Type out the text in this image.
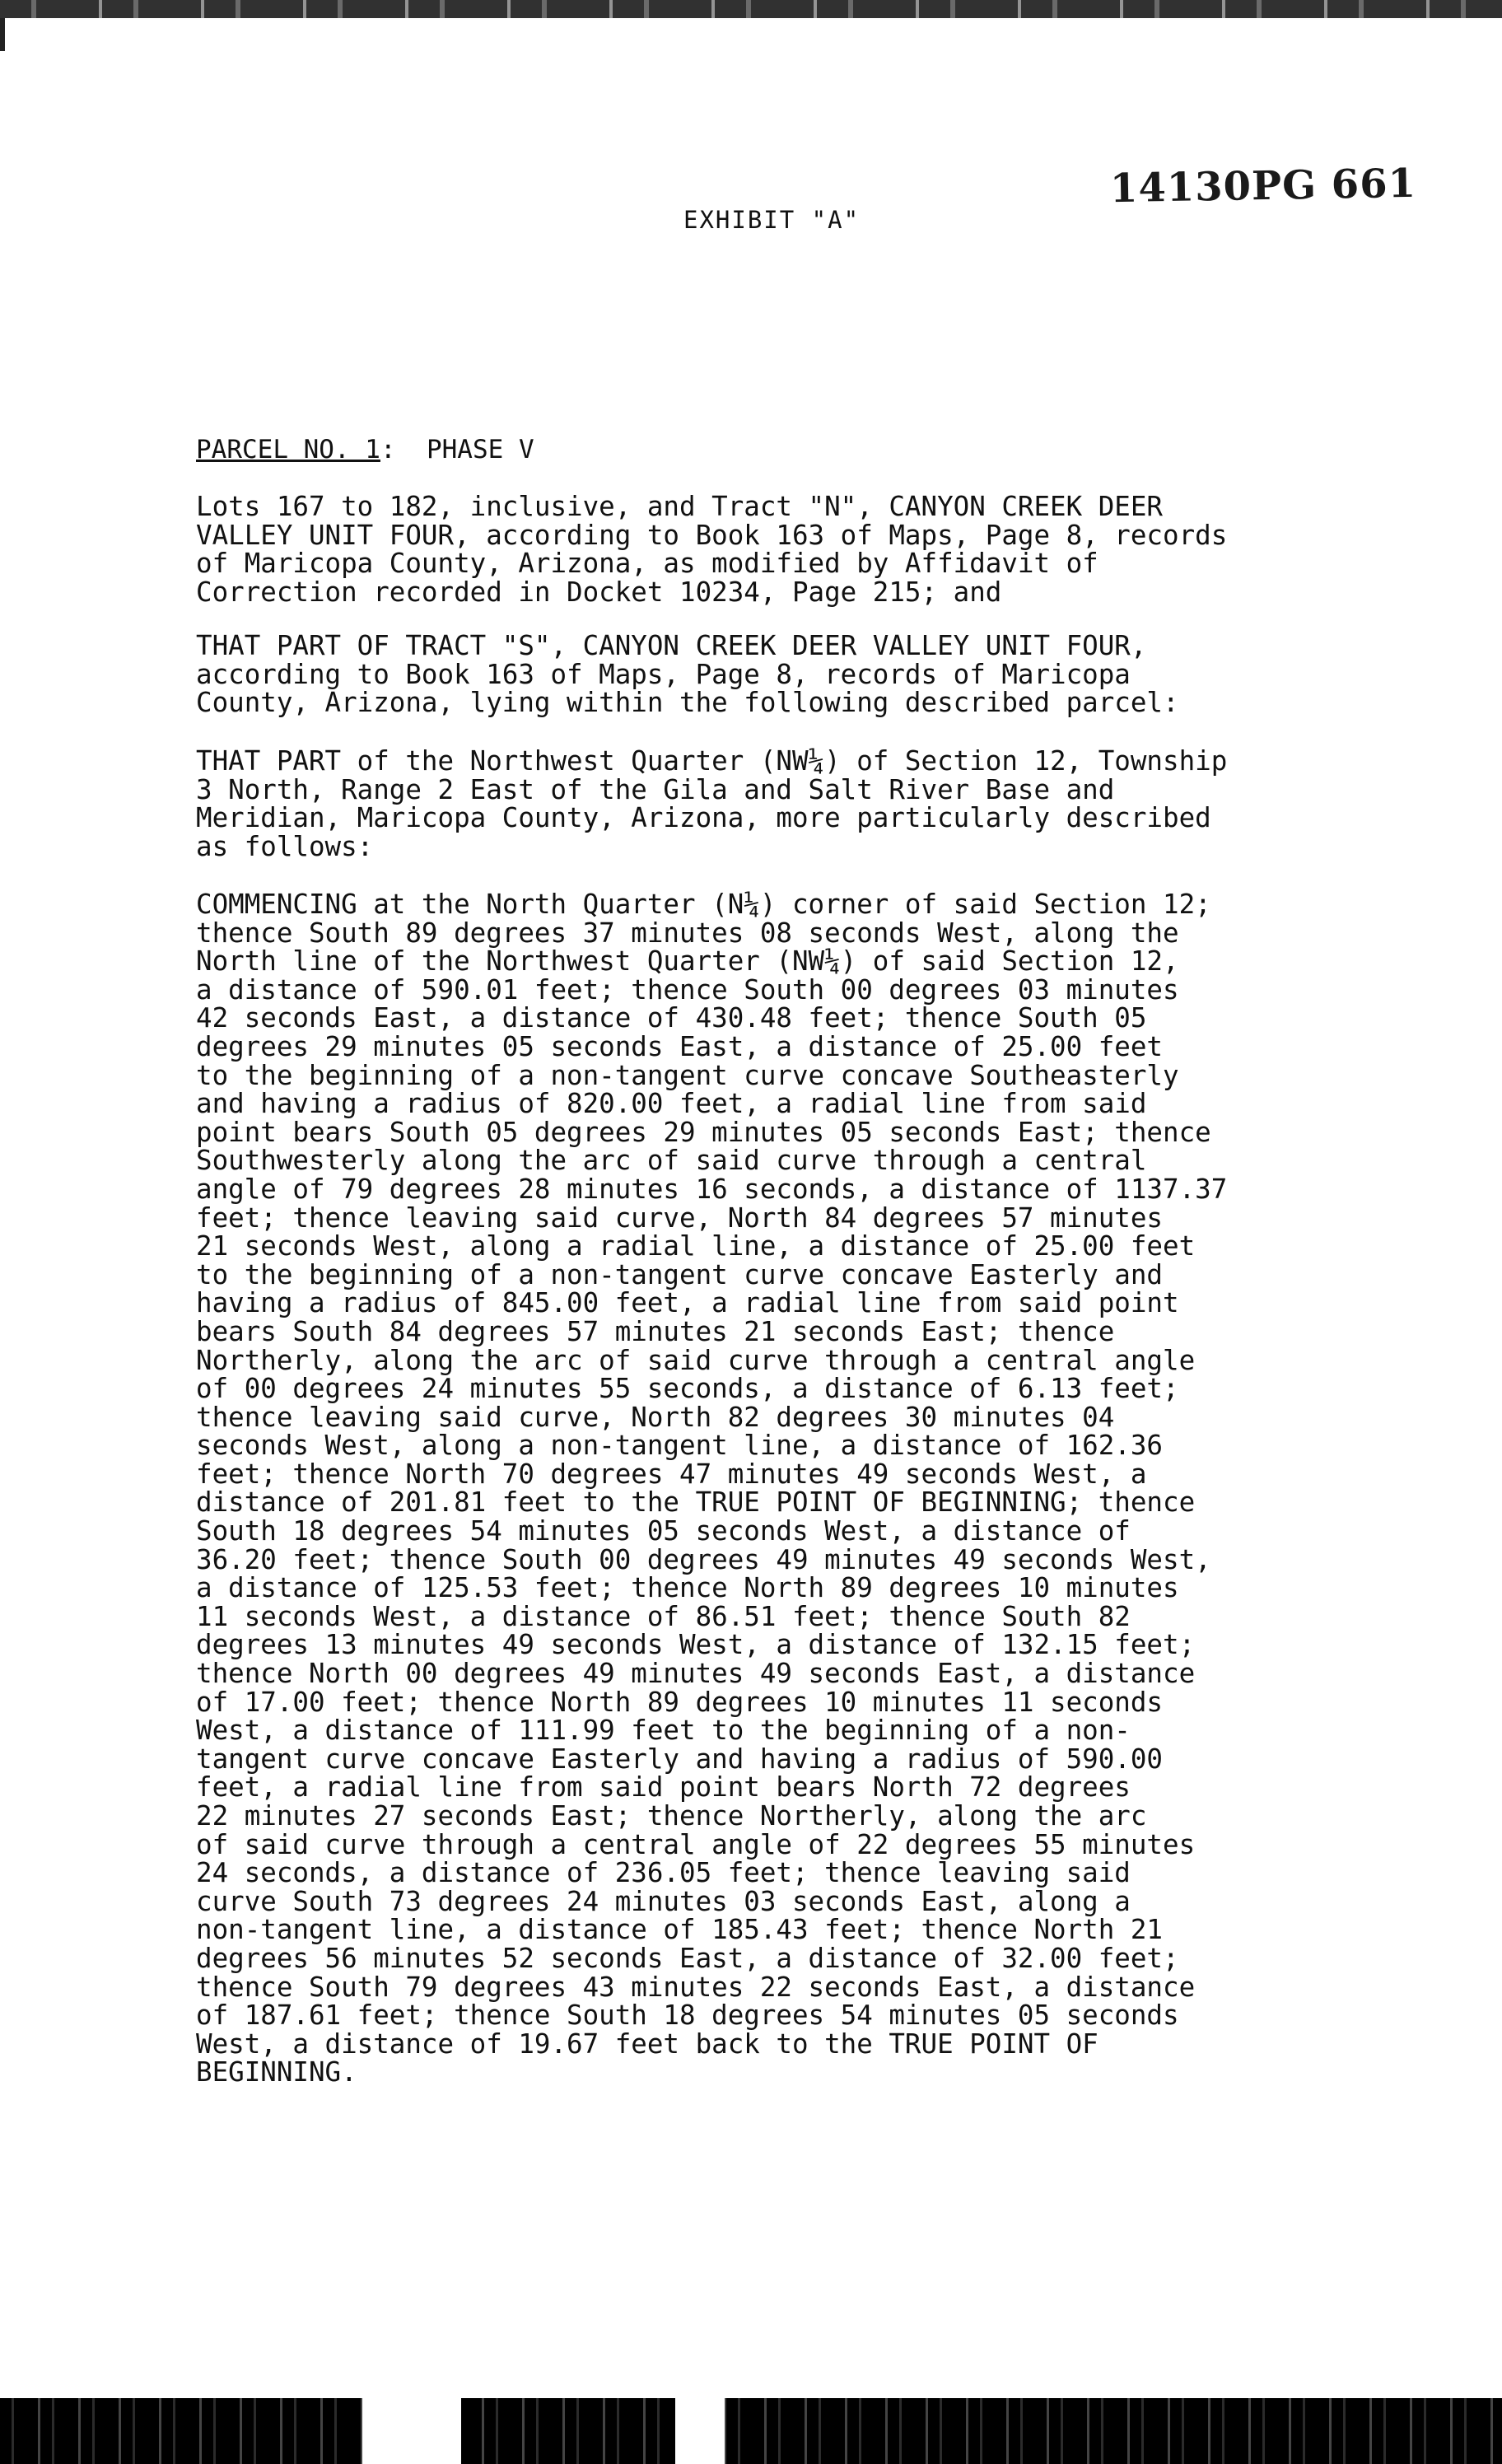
14130PG 661
EXHIBIT "A"
PARCEL NO. 1: PHASE V

Lots 167 to 182, inclusive, and Tract "N", CANYON CREEK DEER
VALLEY UNIT FOUR, according to Book 163 of Maps, Page 8, records
of Maricopa County, Arizona, as modified by Affidavit of
Correction recorded in Docket 10234, Page 215; and

THAT PART OF TRACT "S", CANYON CREEK DEER VALLEY UNIT FOUR,
according to Book 163 of Maps, Page 8, records of Maricopa
County, Arizona, lying within the following described parcel:

THAT PART of the Northwest Quarter (NW¼) of Section 12, Township
3 North, Range 2 East of the Gila and Salt River Base and
Meridian, Maricopa County, Arizona, more particularly described
as follows:

COMMENCING at the North Quarter (N¼) corner of said Section 12;
thence South 89 degrees 37 minutes 08 seconds West, along the
North line of the Northwest Quarter (NW¼) of said Section 12,
a distance of 590.01 feet; thence South 00 degrees 03 minutes
42 seconds East, a distance of 430.48 feet; thence South 05
degrees 29 minutes 05 seconds East, a distance of 25.00 feet
to the beginning of a non-tangent curve concave Southeasterly
and having a radius of 820.00 feet, a radial line from said
point bears South 05 degrees 29 minutes 05 seconds East; thence
Southwesterly along the arc of said curve through a central
angle of 79 degrees 28 minutes 16 seconds, a distance of 1137.37
feet; thence leaving said curve, North 84 degrees 57 minutes
21 seconds West, along a radial line, a distance of 25.00 feet
to the beginning of a non-tangent curve concave Easterly and
having a radius of 845.00 feet, a radial line from said point
bears South 84 degrees 57 minutes 21 seconds East; thence
Northerly, along the arc of said curve through a central angle
of 00 degrees 24 minutes 55 seconds, a distance of 6.13 feet;
thence leaving said curve, North 82 degrees 30 minutes 04
seconds West, along a non-tangent line, a distance of 162.36
feet; thence North 70 degrees 47 minutes 49 seconds West, a
distance of 201.81 feet to the TRUE POINT OF BEGINNING; thence
South 18 degrees 54 minutes 05 seconds West, a distance of
36.20 feet; thence South 00 degrees 49 minutes 49 seconds West,
a distance of 125.53 feet; thence North 89 degrees 10 minutes
11 seconds West, a distance of 86.51 feet; thence South 82
degrees 13 minutes 49 seconds West, a distance of 132.15 feet;
thence North 00 degrees 49 minutes 49 seconds East, a distance
of 17.00 feet; thence North 89 degrees 10 minutes 11 seconds
West, a distance of 111.99 feet to the beginning of a non-
tangent curve concave Easterly and having a radius of 590.00
feet, a radial line from said point bears North 72 degrees
22 minutes 27 seconds East; thence Northerly, along the arc
of said curve through a central angle of 22 degrees 55 minutes
24 seconds, a distance of 236.05 feet; thence leaving said
curve South 73 degrees 24 minutes 03 seconds East, along a
non-tangent line, a distance of 185.43 feet; thence North 21
degrees 56 minutes 52 seconds East, a distance of 32.00 feet;
thence South 79 degrees 43 minutes 22 seconds East, a distance
of 187.61 feet; thence South 18 degrees 54 minutes 05 seconds
West, a distance of 19.67 feet back to the TRUE POINT OF
BEGINNING.
